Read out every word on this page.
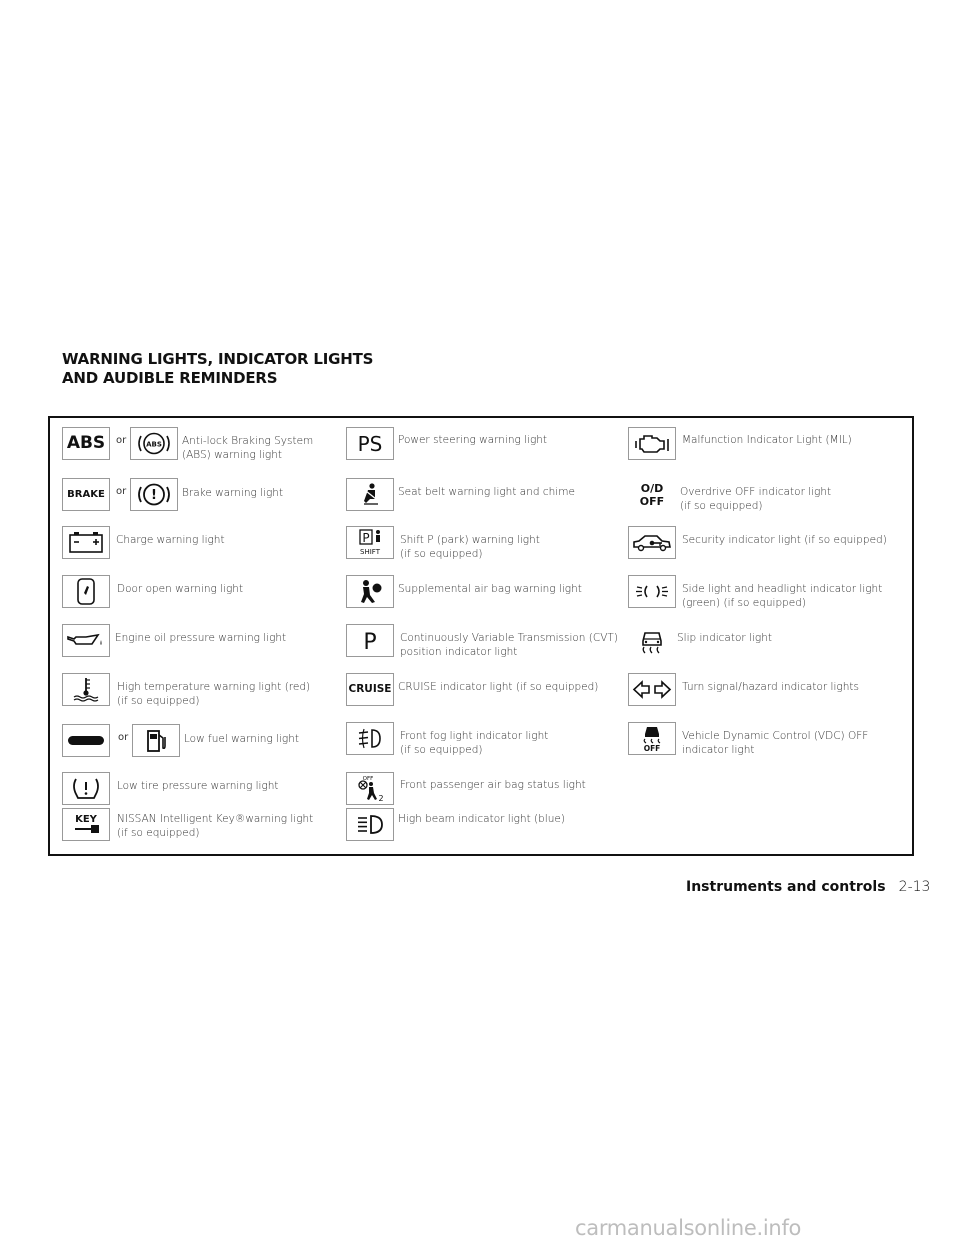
WARNING LIGHTS, INDICATOR LIGHTS
AND AUDIBLE REMINDERS
ABS or	ABS Anti-lock Braking System
(ABS) warning light
BRAKE or ! Brake warning light
Charge warning light
Door open warning light
Engine oil pressure warning light
High temperature warning light (red)
(if so equipped)
or	Low fuel warning light
Low tire pressure warning light
KEY NISSAN Intelligent Key®warning light
(if so equipped)
PS Power steering warning light
Seat belt warning light and chime
P
SHIFT
Shift P (park) warning light
(if so equipped)
Supplemental air bag warning light
P Continuously Variable Transmission (CVT)
position indicator light
CRUISE CRUISE indicator light (if so equipped)
Front fog light indicator light
(if so equipped)
OFF
2
Front passenger air bag status light
High beam indicator light (blue)
Malfunction Indicator Light (MIL)
O/D
OFF
Overdrive OFF indicator light
(if so equipped)
Security indicator light (if so equipped)
Side light and headlight indicator light
(green) (if so equipped)
Slip indicator light
Turn signal/hazard indicator lights
OFF
Vehicle Dynamic Control (VDC) OFF
indicator light
Instruments and controls 2-13
carmanualsonline.info
